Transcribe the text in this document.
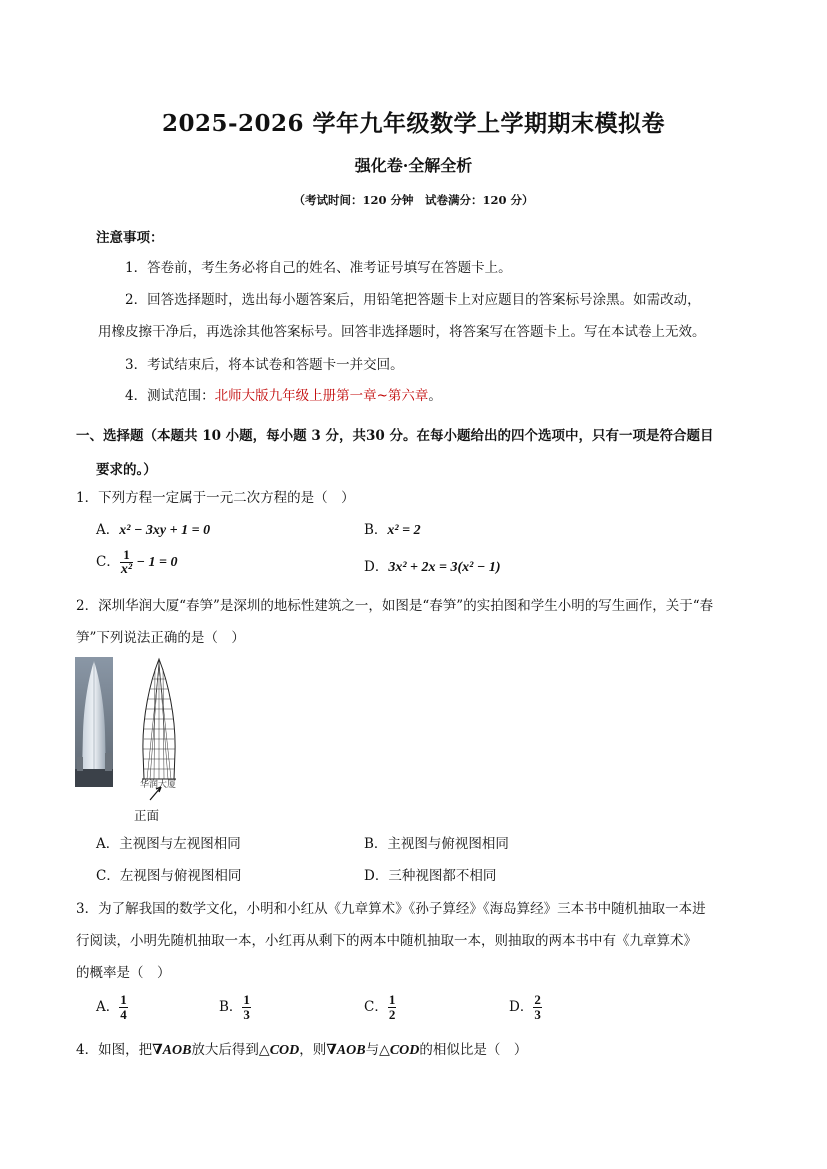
2025-2026 学年九年级数学上学期期末模拟卷
强化卷·全解全析
（考试时间：120 分钟　试卷满分：120 分）
注意事项：
1．答卷前，考生务必将自己的姓名、准考证号填写在答题卡上。
2．回答选择题时，选出每小题答案后，用铅笔把答题卡上对应题目的答案标号涂黑。如需改动，
用橡皮擦干净后，再选涂其他答案标号。回答非选择题时，将答案写在答题卡上。写在本试卷上无效。
3．考试结束后，将本试卷和答题卡一并交回。
4．测试范围：北师大版九年级上册第一章~第六章。
一、选择题（本题共 10 小题，每小题 3 分，共30 分。在每小题给出的四个选项中，只有一项是符合题目
要求的。）
1．下列方程一定属于一元二次方程的是（　）
A．x² − 3xy + 1 = 0	B．x² = 2
C． $\frac{1}{\text{x²}} - 1 = 0$	D．3x² + 2x = 3(x² − 1)
2．深圳华润大厦“春笋”是深圳的地标性建筑之一，如图是“春笋”的实拍图和学生小明的写生画作，关于“春
笋”下列说法正确的是（　）
华润大厦
正面
A．主视图与左视图相同	B．主视图与俯视图相同
C．左视图与俯视图相同	D．三种视图都不相同
3．为了解我国的数学文化，小明和小红从《九章算术》《孙子算经》《海岛算经》三本书中随机抽取一本进
行阅读，小明先随机抽取一本，小红再从剩下的两本中随机抽取一本，则抽取的两本书中有《九章算术》
的概率是（　）
A． $\frac{1}{4}$	B． $\frac{1}{3}$	C． $\frac{1}{2}$	D． $\frac{2}{3}$
4．如图，把∇AOB放大后得到△COD，则∇AOB与△COD的相似比是（　）
